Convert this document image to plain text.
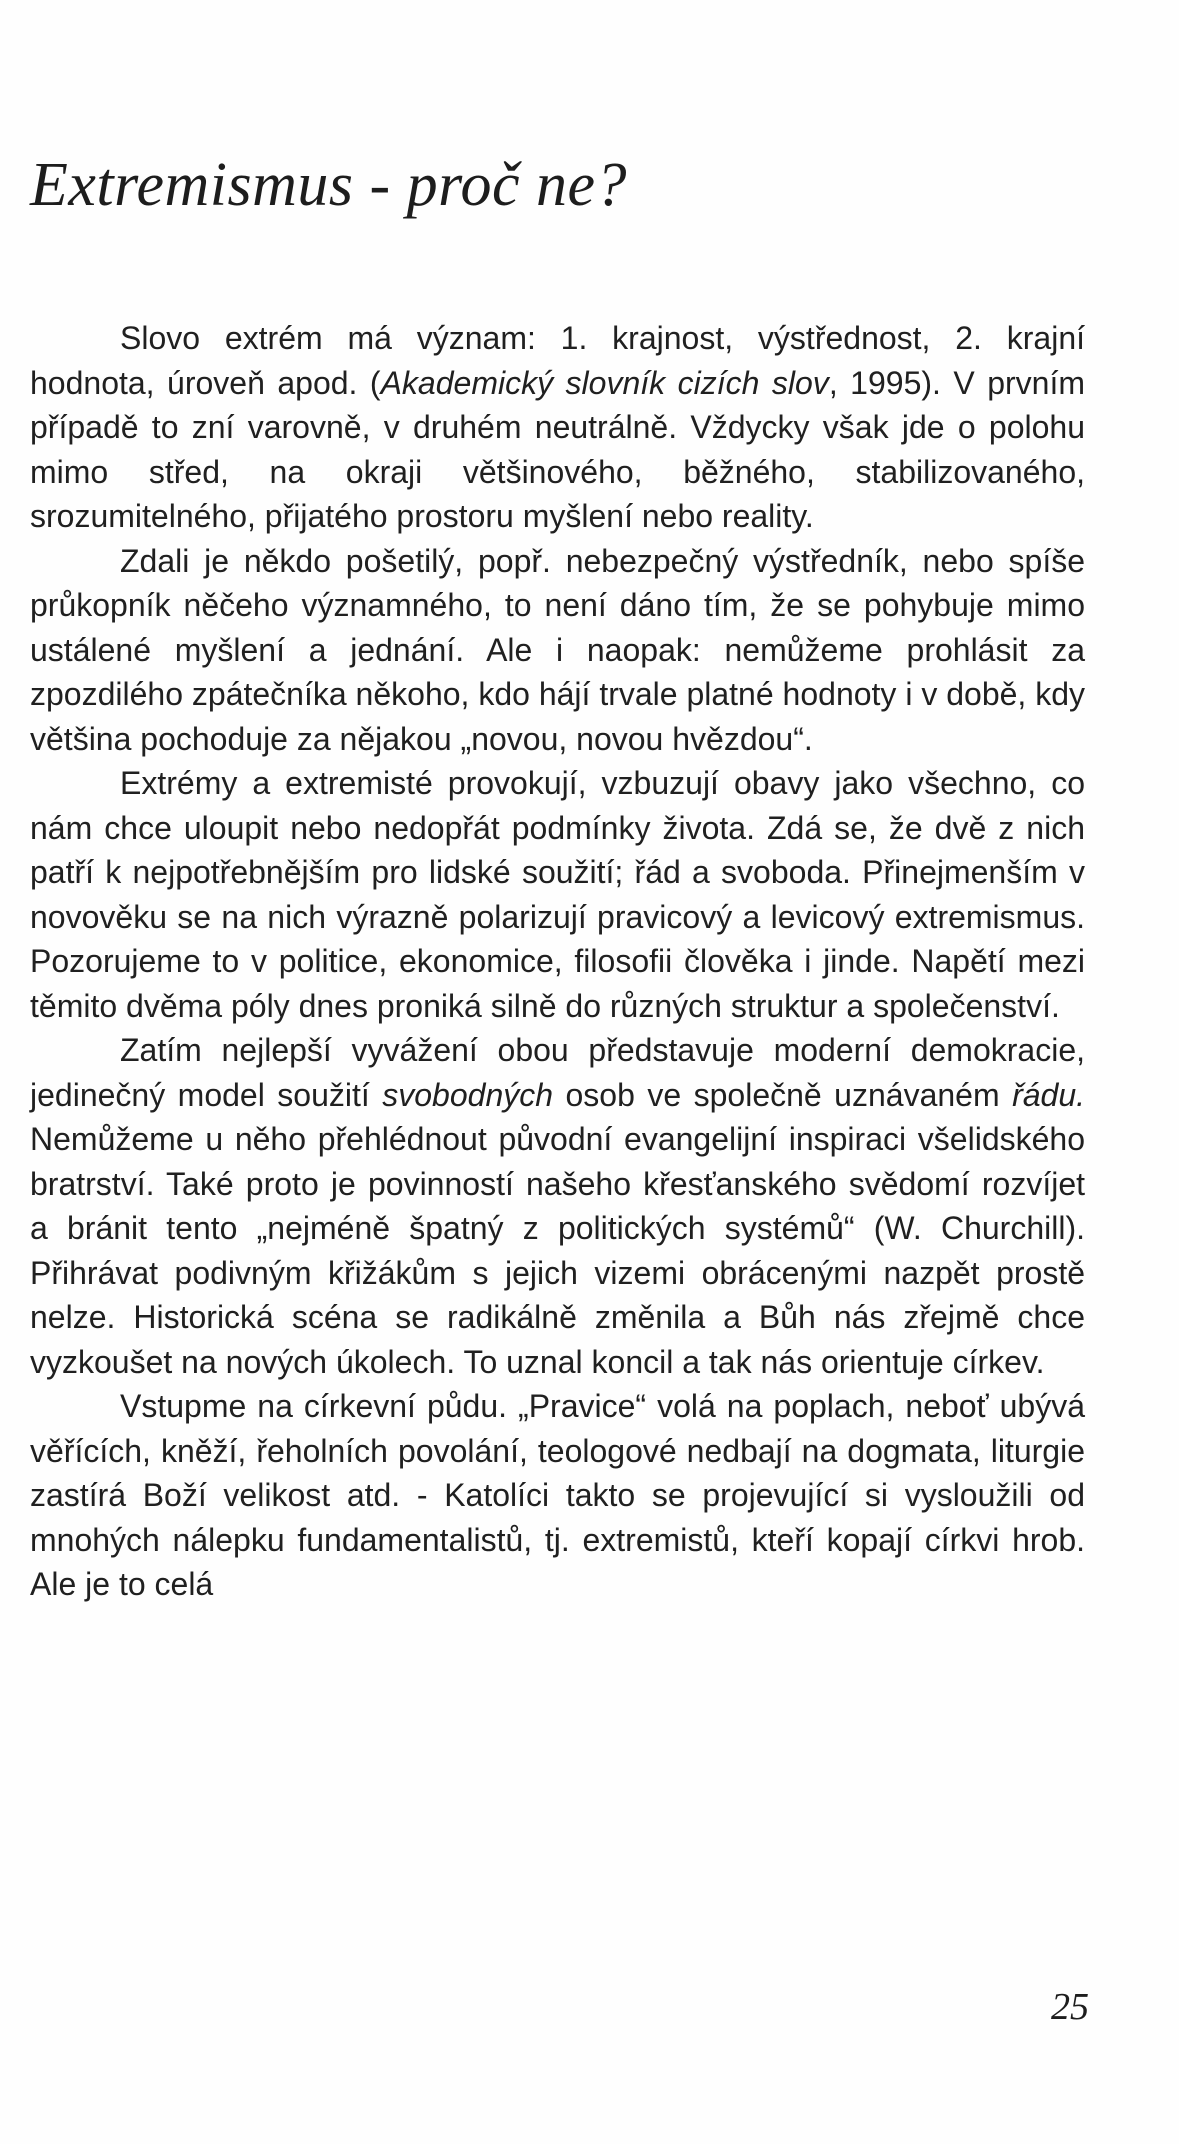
Extremismus - proč ne?

Slovo extrém má význam: 1. krajnost, výstřednost, 2. krajní hodnota, úroveň apod. (Akademický slovník cizích slov, 1995). V prvním případě to zní varovně, v druhém neutrálně. Vždycky však jde o polohu mimo střed, na okraji většinového, běžného, stabilizovaného, srozumitelného, přijatého prostoru myšlení nebo reality.

Zdali je někdo pošetilý, popř. nebezpečný výstředník, nebo spíše průkopník něčeho významného, to není dáno tím, že se pohybuje mimo ustálené myšlení a jednání. Ale i naopak: nemůžeme prohlásit za zpozdilého zpátečníka někoho, kdo hájí trvale platné hodnoty i v době, kdy většina pochoduje za nějakou „novou, novou hvězdou“.

Extrémy a extremisté provokují, vzbuzují obavy jako všechno, co nám chce uloupit nebo nedopřát podmínky života. Zdá se, že dvě z nich patří k nejpotřebnějším pro lidské soužití; řád a svoboda. Přinejmenším v novověku se na nich výrazně polarizují pravicový a levicový extremismus. Pozorujeme to v politice, ekonomice, filosofii člověka i jinde. Napětí mezi těmito dvěma póly dnes proniká silně do různých struktur a společenství.

Zatím nejlepší vyvážení obou představuje moderní demokracie, jedinečný model soužití svobodných osob ve společně uznávaném řádu. Nemůžeme u něho přehlédnout původní evangelijní inspiraci všelidského bratrství. Také proto je povinností našeho křesťanského svědomí rozvíjet a bránit tento „nejméně špatný z politických systémů“ (W. Churchill). Přihrávat podivným křižákům s jejich vizemi obrácenými nazpět prostě nelze. Historická scéna se radikálně změnila a Bůh nás zřejmě chce vyzkoušet na nových úkolech. To uznal koncil a tak nás orientuje církev.

Vstupme na církevní půdu. „Pravice“ volá na poplach, neboť ubývá věřících, kněží, řeholních povolání, teologové nedbají na dogmata, liturgie zastírá Boží velikost atd. - Katolíci takto se projevující si vysloužili od mnohých nálepku fundamentalistů, tj. extremistů, kteří kopají církvi hrob. Ale je to celá

25
